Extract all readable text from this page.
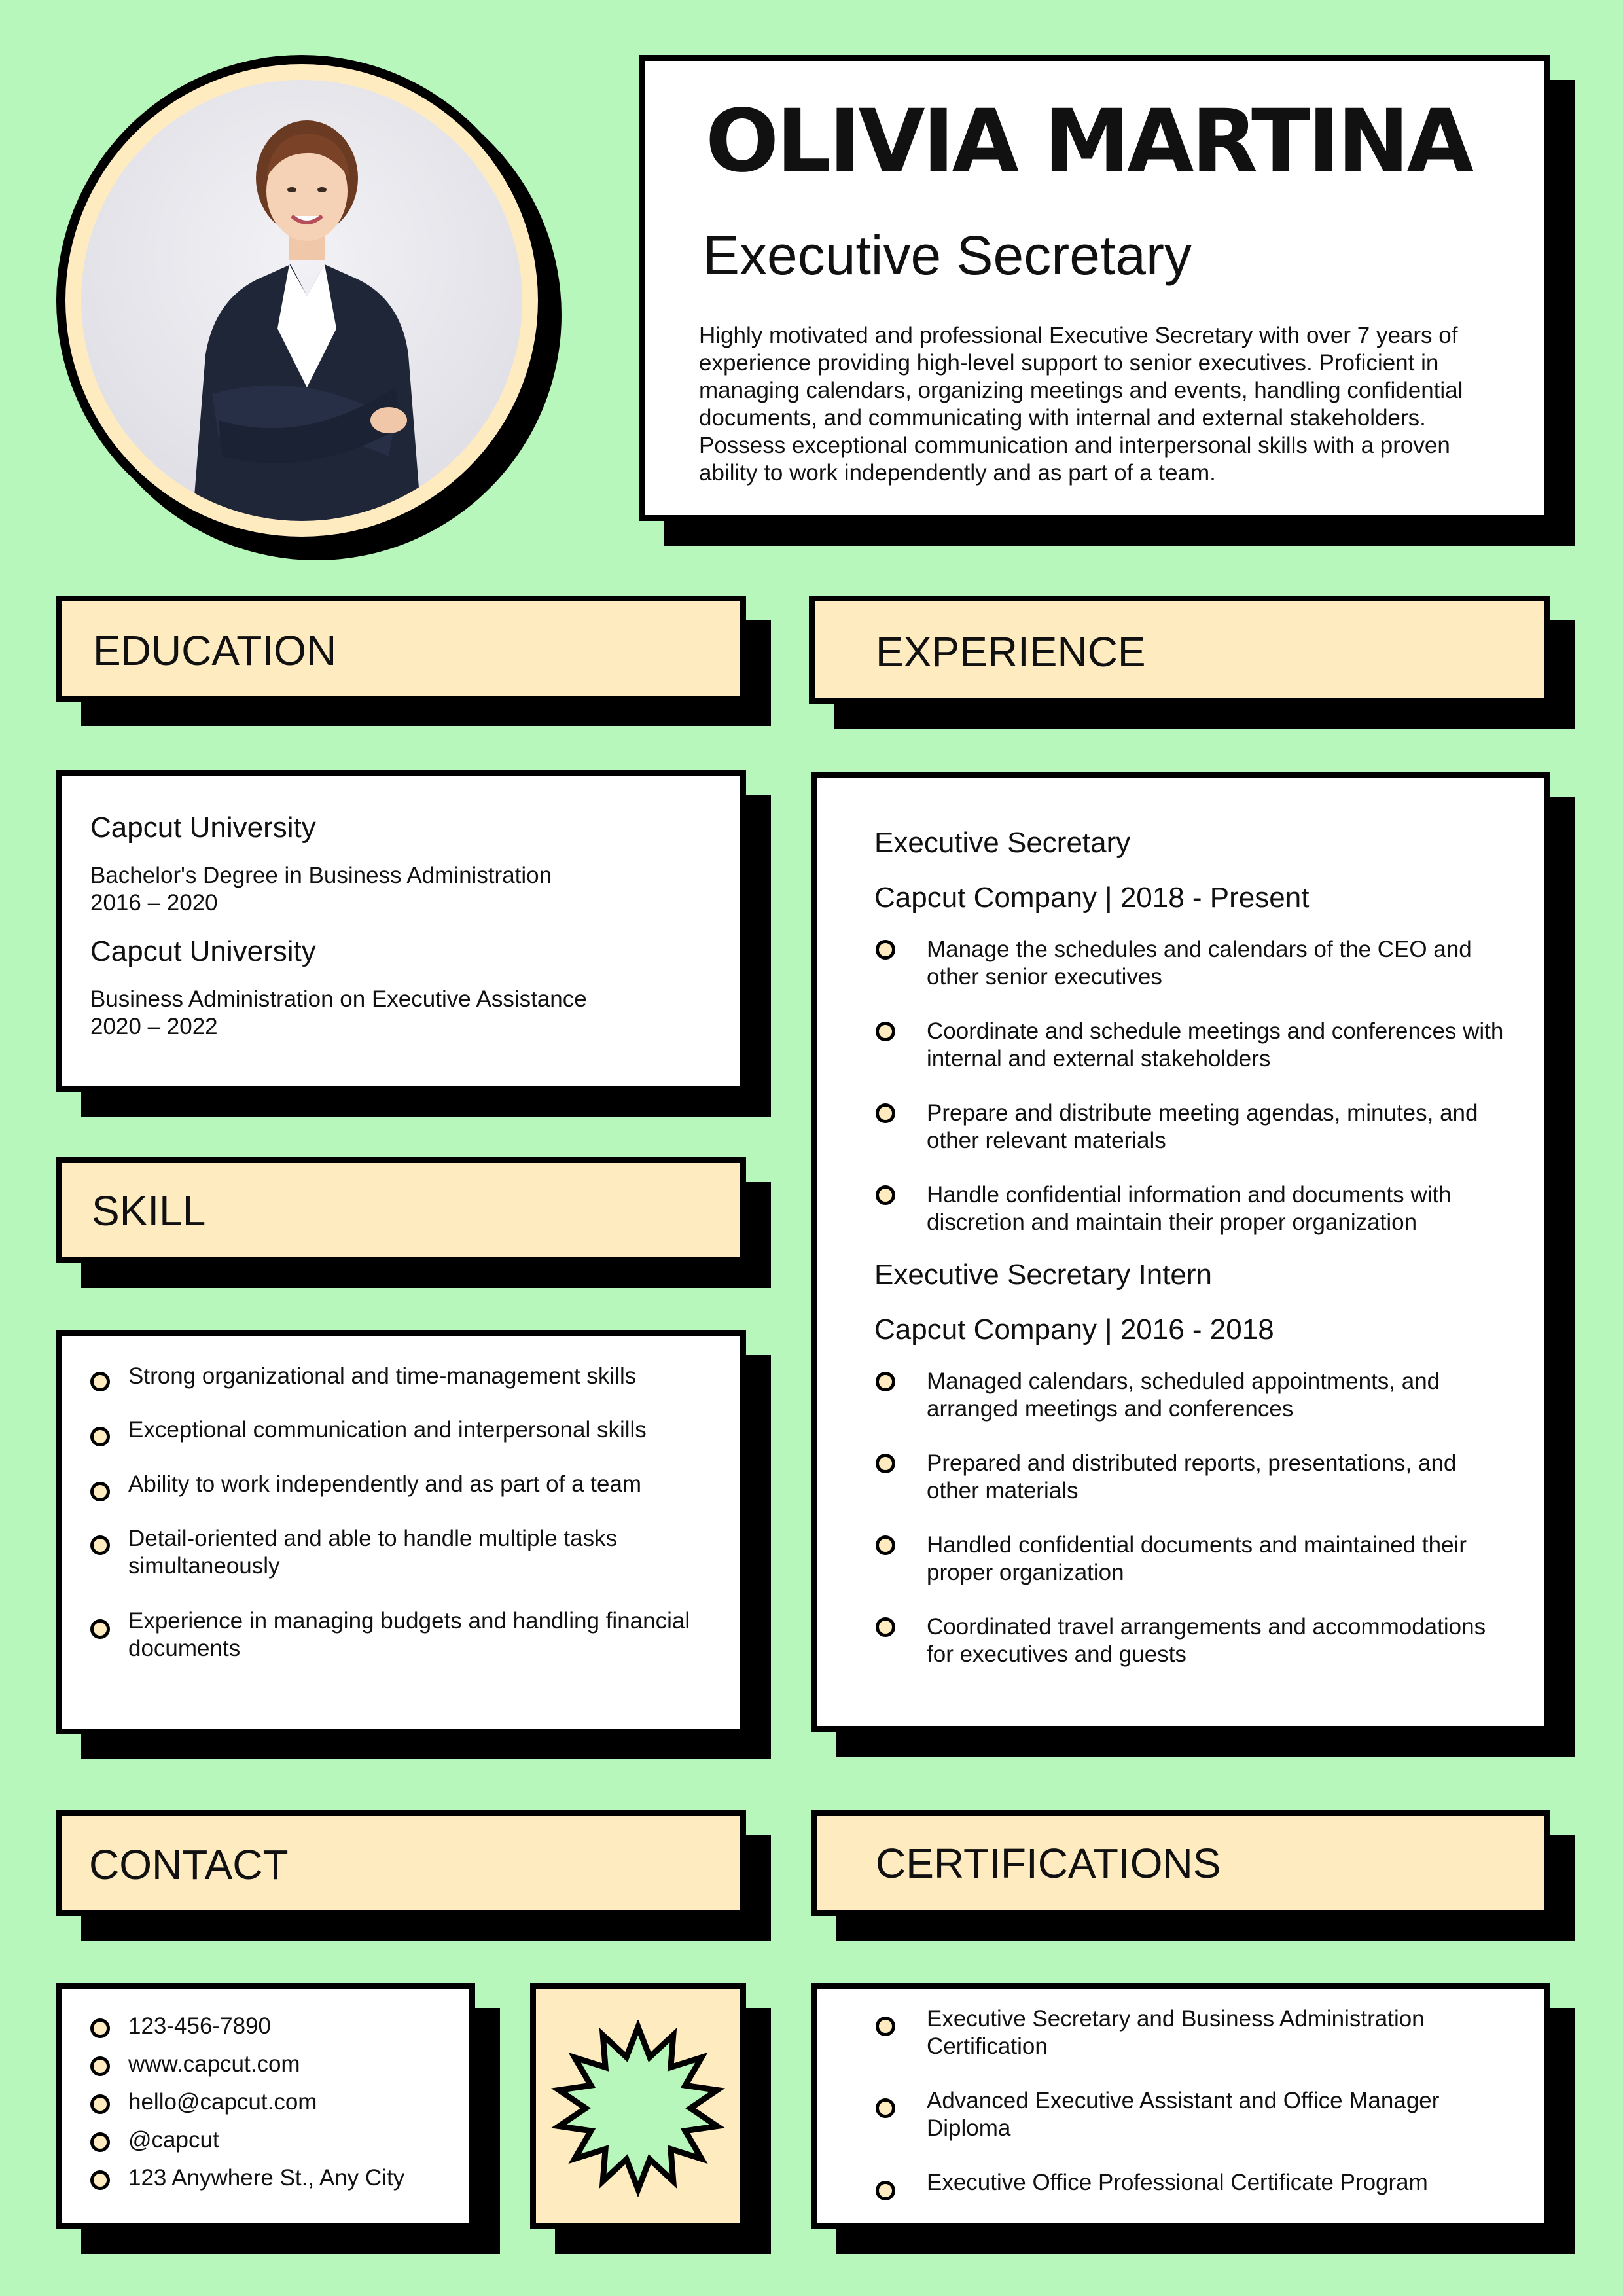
OLIVIA MARTINA
Executive Secretary
Highly motivated and professional Executive Secretary with over 7 years of experience providing high-level support to senior executives. Proficient in managing calendars, organizing meetings and events, handling confidential documents, and communicating with internal and external stakeholders. Possess exceptional communication and interpersonal skills with a proven ability to work independently and as part of a team.
EDUCATION	EXPERIENCE
Capcut University
Bachelor's Degree in Business Administration
2016 – 2020
Capcut University
Business Administration on Executive Assistance
2020 – 2022
Executive Secretary
Capcut Company | 2018 - Present
Manage the schedules and calendars of the CEO and other senior executives
Coordinate and schedule meetings and conferences with internal and external stakeholders
Prepare and distribute meeting agendas, minutes, and other relevant materials
Handle confidential information and documents with discretion and maintain their proper organization
Executive Secretary Intern
Capcut Company | 2016 - 2018
Managed calendars, scheduled appointments, and arranged meetings and conferences
Prepared and distributed reports, presentations, and other materials
Handled confidential documents and maintained their proper organization
Coordinated travel arrangements and accommodations for executives and guests
SKILL
Strong organizational and time-management skills
Exceptional communication and interpersonal skills
Ability to work independently and as part of a team
Detail-oriented and able to handle multiple tasks simultaneously
Experience in managing budgets and handling financial documents
CONTACT	CERTIFICATIONS
123-456-7890
www.capcut.com
hello@capcut.com
@capcut
123 Anywhere St., Any City
Executive Secretary and Business Administration Certification
Advanced Executive Assistant and Office Manager Diploma
Executive Office Professional Certificate Program
